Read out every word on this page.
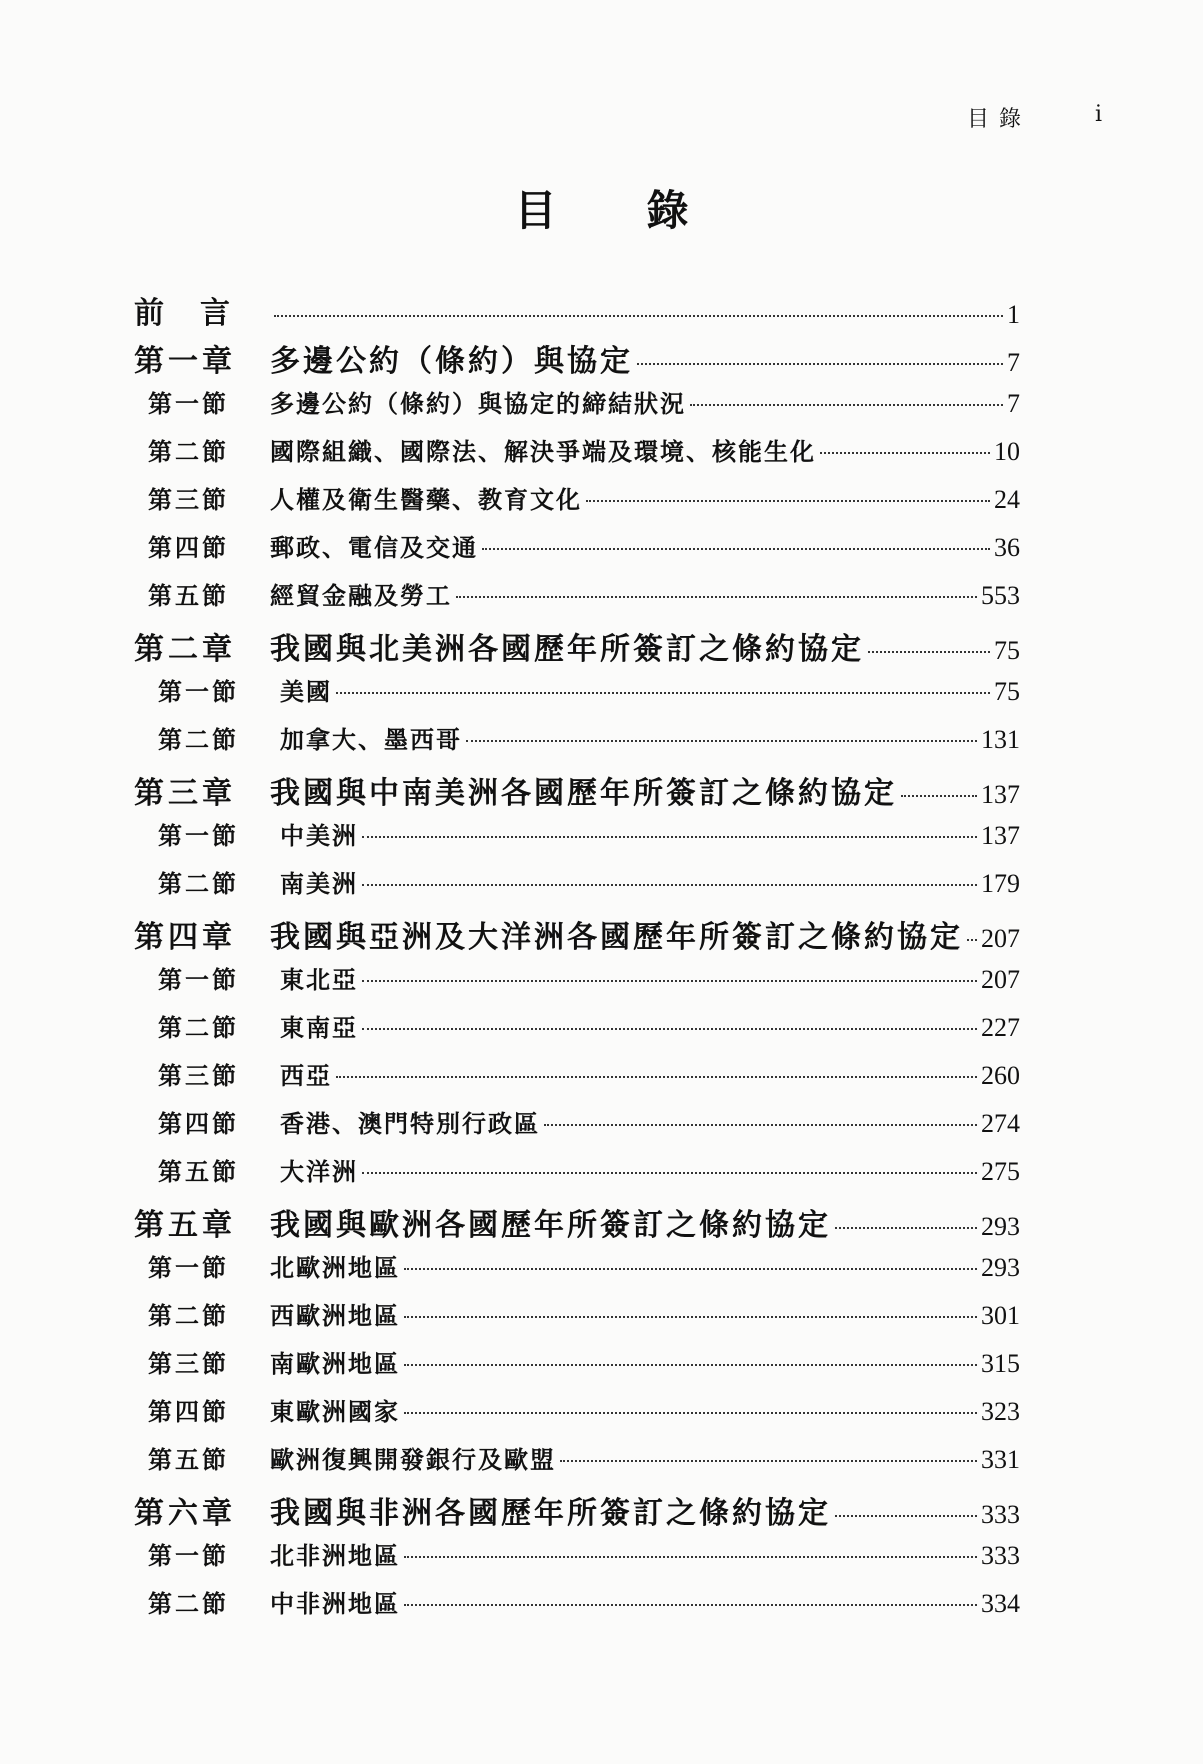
目錄	i
目錄
前言	1
第一章	多邊公約（條約）與協定	7
第一節	多邊公約（條約）與協定的締結狀況	7
第二節	國際組織、國際法、解決爭端及環境、核能生化	10
第三節	人權及衛生醫藥、教育文化	24
第四節	郵政、電信及交通	36
第五節	經貿金融及勞工	553
第二章	我國與北美洲各國歷年所簽訂之條約協定	75
第一節	美國	75
第二節	加拿大、墨西哥	131
第三章	我國與中南美洲各國歷年所簽訂之條約協定	137
第一節	中美洲	137
第二節	南美洲	179
第四章	我國與亞洲及大洋洲各國歷年所簽訂之條約協定 207
第一節	東北亞	207
第二節	東南亞	227
第三節	西亞	260
第四節	香港、澳門特別行政區	274
第五節	大洋洲	275
第五章	我國與歐洲各國歷年所簽訂之條約協定	293
第一節	北歐洲地區	293
第二節	西歐洲地區	301
第三節	南歐洲地區	315
第四節	東歐洲國家	323
第五節	歐洲復興開發銀行及歐盟	331
第六章	我國與非洲各國歷年所簽訂之條約協定	333
第一節	北非洲地區	333
第二節	中非洲地區	334
